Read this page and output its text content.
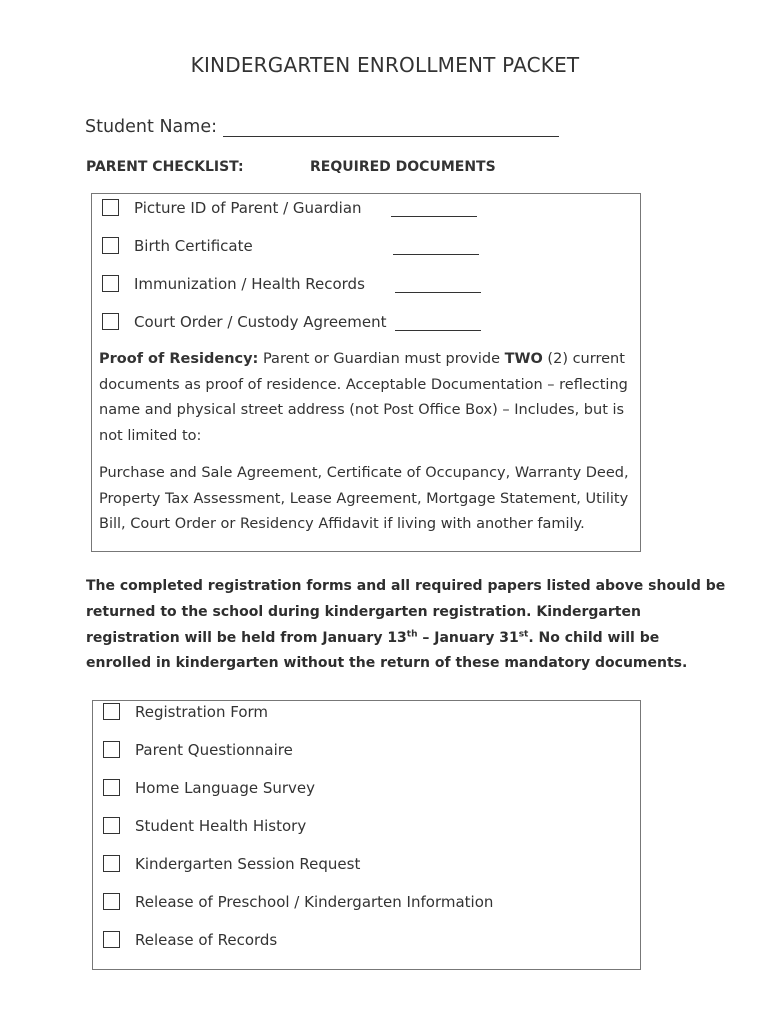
KINDERGARTEN ENROLLMENT PACKET
Student Name:
PARENT CHECKLIST:	REQUIRED DOCUMENTS
Picture ID of Parent / Guardian
Birth Certificate
Immunization / Health Records
Court Order / Custody Agreement
Proof of Residency: Parent or Guardian must provide TWO (2) current documents as proof of residence. Acceptable Documentation – reflecting name and physical street address (not Post Office Box) – Includes, but is not limited to:
Purchase and Sale Agreement, Certificate of Occupancy, Warranty Deed, Property Tax Assessment, Lease Agreement, Mortgage Statement, Utility Bill, Court Order or Residency Affidavit if living with another family.
The completed registration forms and all required papers listed above should be returned to the school during kindergarten registration. Kindergarten registration will be held from January 13th – January 31st. No child will be enrolled in kindergarten without the return of these mandatory documents.
Registration Form
Parent Questionnaire
Home Language Survey
Student Health History
Kindergarten Session Request
Release of Preschool / Kindergarten Information
Release of Records
